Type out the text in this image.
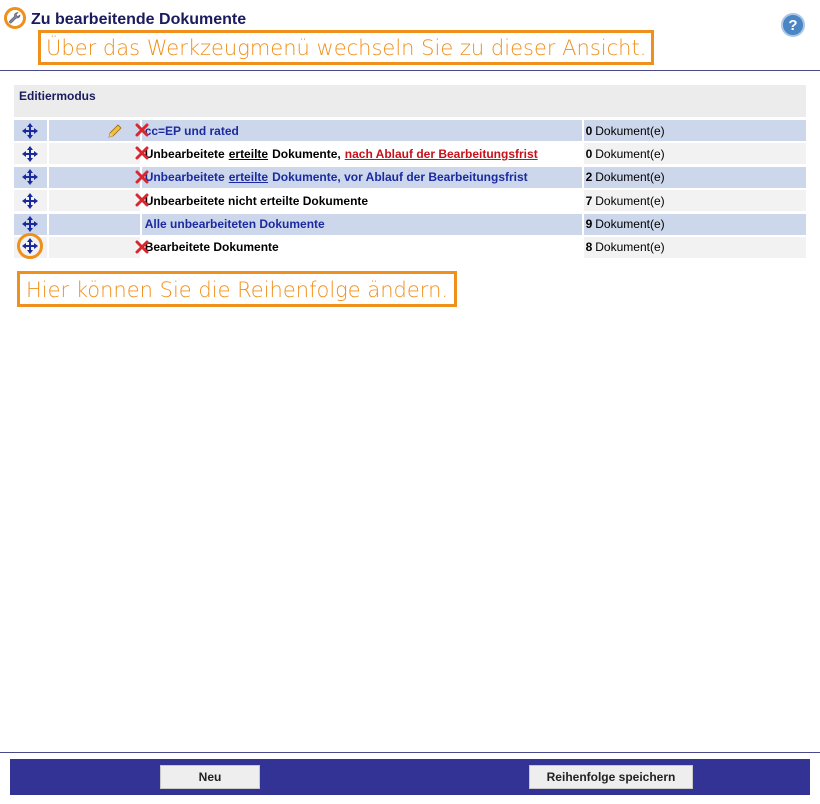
Zu bearbeitende Dokumente	?
Über das Werkzeugmenü wechseln Sie zu dieser Ansicht.
Editiermodus
cc=EP und rated	0 Dokument(e)
Unbearbeitete erteilte Dokumente, nach Ablauf der Bearbeitungsfrist	0 Dokument(e)
Unbearbeitete erteilte Dokumente, vor Ablauf der Bearbeitungsfrist	2 Dokument(e)
Unbearbeitete nicht erteilte Dokumente	7 Dokument(e)
Alle unbearbeiteten Dokumente	9 Dokument(e)
Bearbeitete Dokumente	8 Dokument(e)
Hier können Sie die Reihenfolge ändern.
Neu	Reihenfolge speichern
